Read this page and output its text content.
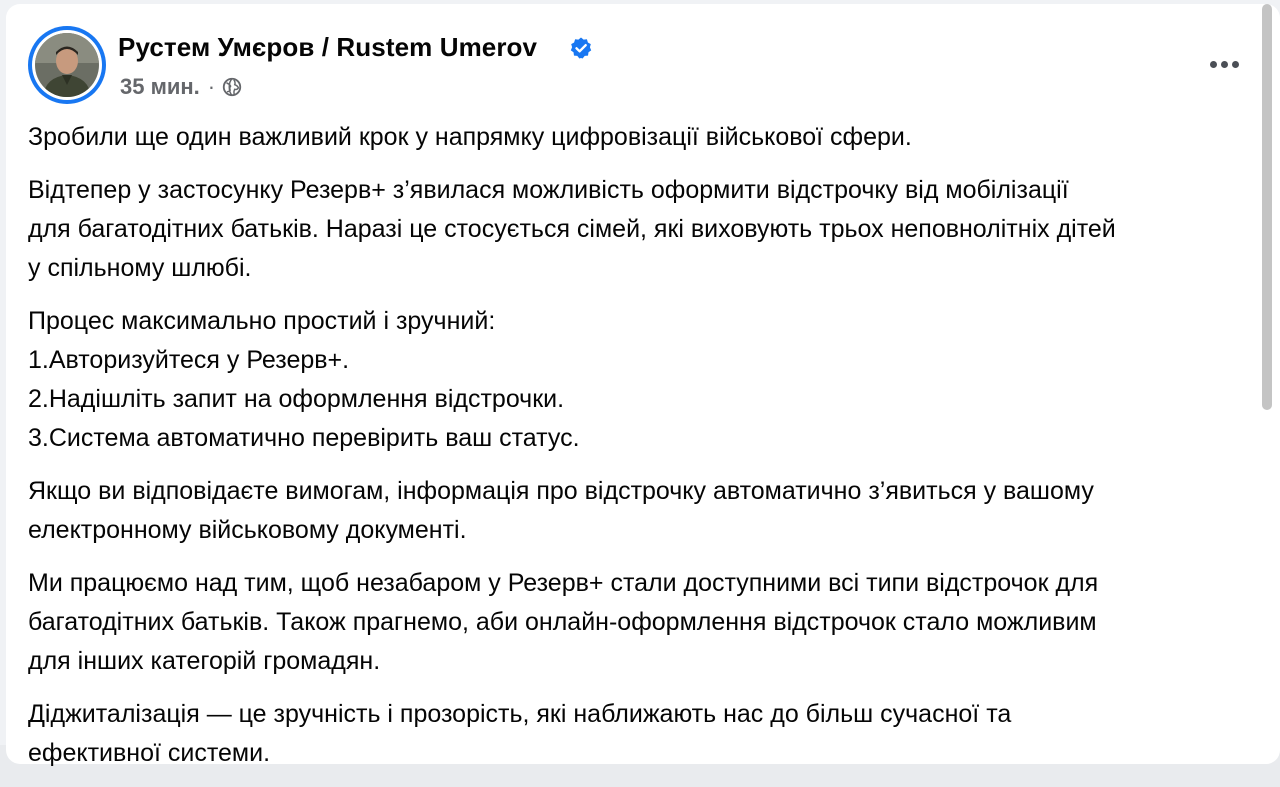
Рустем Умєров / Rustem Umerov
35 мин. ·

Зробили ще один важливий крок у напрямку цифровізації військової сфери.

Відтепер у застосунку Резерв+ з’явилася можливість оформити відстрочку від мобілізації
для багатодітних батьків. Наразі це стосується сімей, які виховують трьох неповнолітніх дітей
у спільному шлюбі.

Процес максимально простий і зручний:
1.Авторизуйтеся у Резерв+.
2.Надішліть запит на оформлення відстрочки.
3.Система автоматично перевірить ваш статус.

Якщо ви відповідаєте вимогам, інформація про відстрочку автоматично з’явиться у вашому
електронному військовому документі.

Ми працюємо над тим, щоб незабаром у Резерв+ стали доступними всі типи відстрочок для
багатодітних батьків. Також прагнемо, аби онлайн-оформлення відстрочок стало можливим
для інших категорій громадян.

Діджиталізація — це зручність і прозорість, які наближають нас до більш сучасної та
ефективної системи.
